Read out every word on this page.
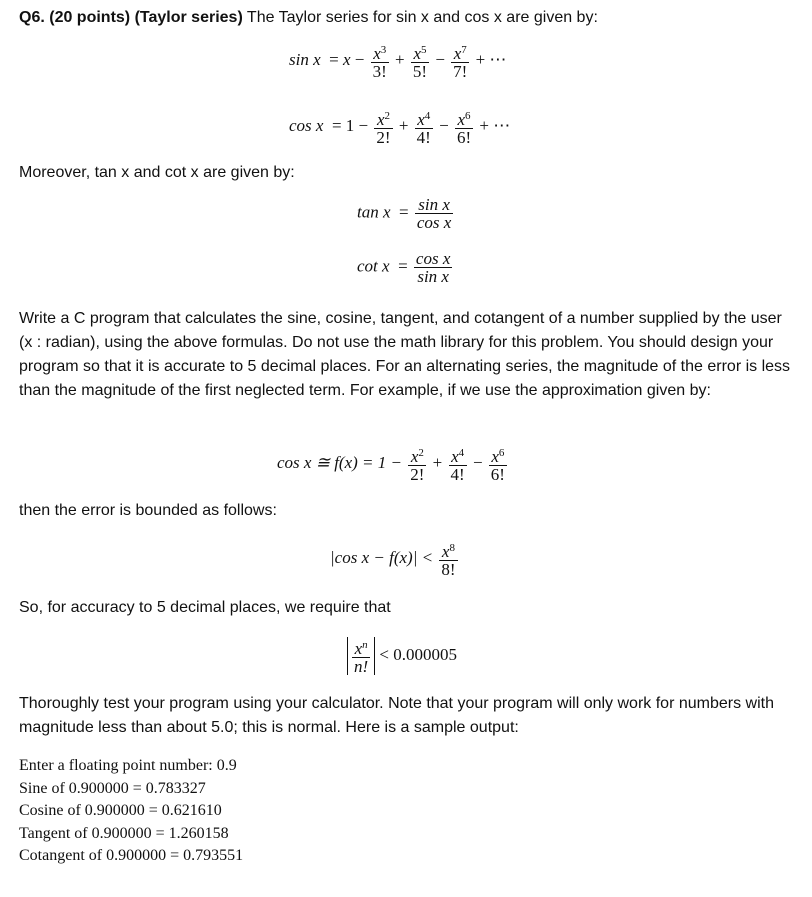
Q6. (20 points) (Taylor series) The Taylor series for sin x and cos x are given by:
$\sin x = x - \frac{x^3}{3!} + \frac{x^5}{5!} - \frac{x^7}{7!}$ + ⋯
$\cos x = 1 - \frac{x^2}{2!} + \frac{x^4}{4!} - \frac{x^6}{6!}$ + ⋯
Moreover, tan x and cot x are given by:
$\tan x = \frac{\text{sin x}}{\text{cos x}}$
$\cot x = \frac{\text{cos x}}{\text{sin x}}$
Write a C program that calculates the sine, cosine, tangent, and cotangent of a number supplied by the user (x : radian), using the above formulas. Do not use the math library for this problem. You should design your program so that it is accurate to 5 decimal places. For an alternating series, the magnitude of the error is less than the magnitude of the first neglected term. For example, if we use the approximation given by:
cos x ≅ $f(x) = 1 - \frac{x^2}{2!} + \frac{x^4}{4!} - \frac{x^6}{6!}$
then the error is bounded as follows:
|cos $x - f(x)| < \frac{x^8}{8!}$
So, for accuracy to 5 decimal places, we require that
$\frac{x^n}{n!} < 0.000005$
Thoroughly test your program using your calculator. Note that your program will only work for numbers with magnitude less than about 5.0; this is normal. Here is a sample output:
Enter a floating point number: 0.9
Sine of 0.900000 = 0.783327
Cosine of 0.900000 = 0.621610
Tangent of 0.900000 = 1.260158
Cotangent of 0.900000 = 0.793551
